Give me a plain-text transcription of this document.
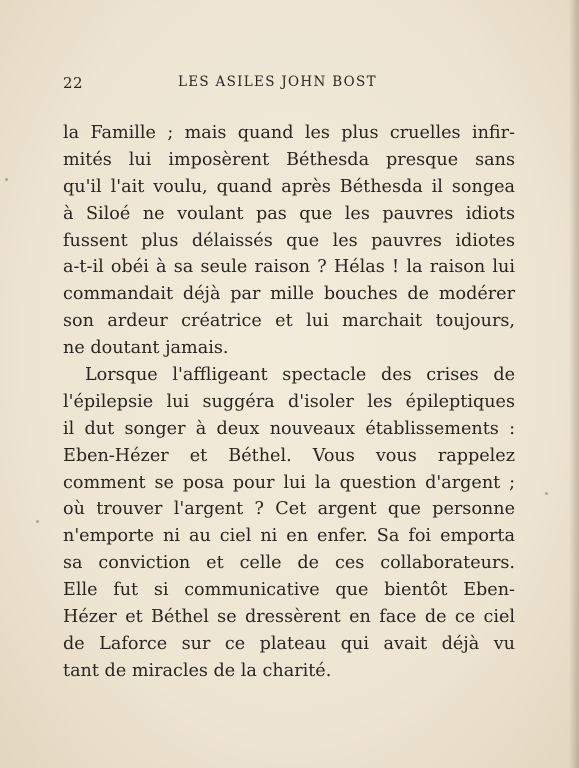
22	LES ASILES JOHN BOST
la Famille ; mais quand les plus cruelles infir-
mités lui imposèrent Béthesda presque sans
qu'il l'ait voulu, quand après Béthesda il songea
à Siloé ne voulant pas que les pauvres idiots
fussent plus délaissés que les pauvres idiotes
a-t-il obéi à sa seule raison ? Hélas ! la raison lui
commandait déjà par mille bouches de modérer
son ardeur créatrice et lui marchait toujours,
ne doutant jamais.
Lorsque l'affligeant spectacle des crises de
l'épilepsie lui suggéra d'isoler les épileptiques
il dut songer à deux nouveaux établissements :
Eben-Hézer et Béthel. Vous vous rappelez
comment se posa pour lui la question d'argent ;
où trouver l'argent ? Cet argent que personne
n'emporte ni au ciel ni en enfer. Sa foi emporta
sa conviction et celle de ces collaborateurs.
Elle fut si communicative que bientôt Eben-
Hézer et Béthel se dressèrent en face de ce ciel
de Laforce sur ce plateau qui avait déjà vu
tant de miracles de la charité.
